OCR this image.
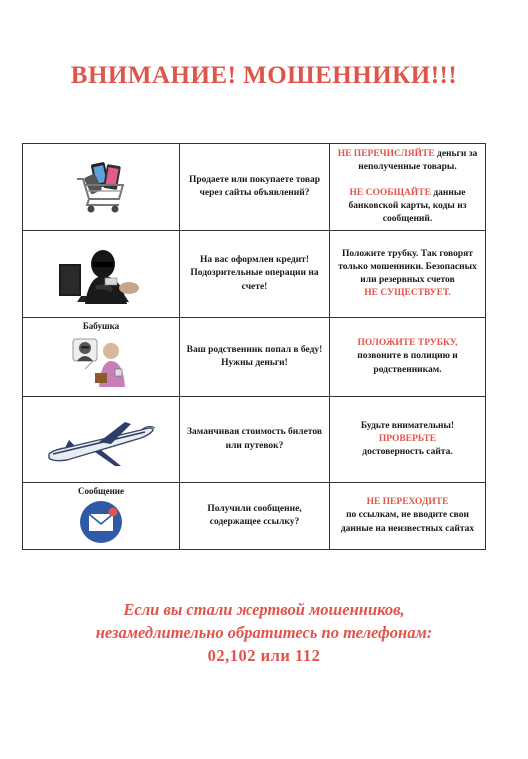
ВНИМАНИЕ! МОШЕННИКИ!!!
	Продаете или покупаете товар через сайты объявлений?	НЕ ПЕРЕЧИСЛЯЙТЕ деньги за неполученные товары.

НЕ СООБЩАЙТЕ данные банковской карты, коды из сообщений.

	На вас оформлен кредит! Подозрительные операции на счете!	Положите трубку. Так говорят только мошенники. Безопасных или резервных счетов
НЕ СУЩЕСТВУЕТ.

Бабушка	Ваш родственник попал в беду! Нужны деньги!	ПОЛОЖИТЕ ТРУБКУ,
позвоните в полицию и родственникам.

	Заманчивая стоимость билетов или путевок?	Будьте внимательны!
ПРОВЕРЬТЕ
достоверность сайта.

Сообщение	Получили сообщение, содержащее ссылку?	НЕ ПЕРЕХОДИТЕ
по ссылкам, не вводите свои данные на неизвестных сайтах
Если вы стали жертвой мошенников,
незамедлительно обратитесь по телефонам:
02,102 или 112
